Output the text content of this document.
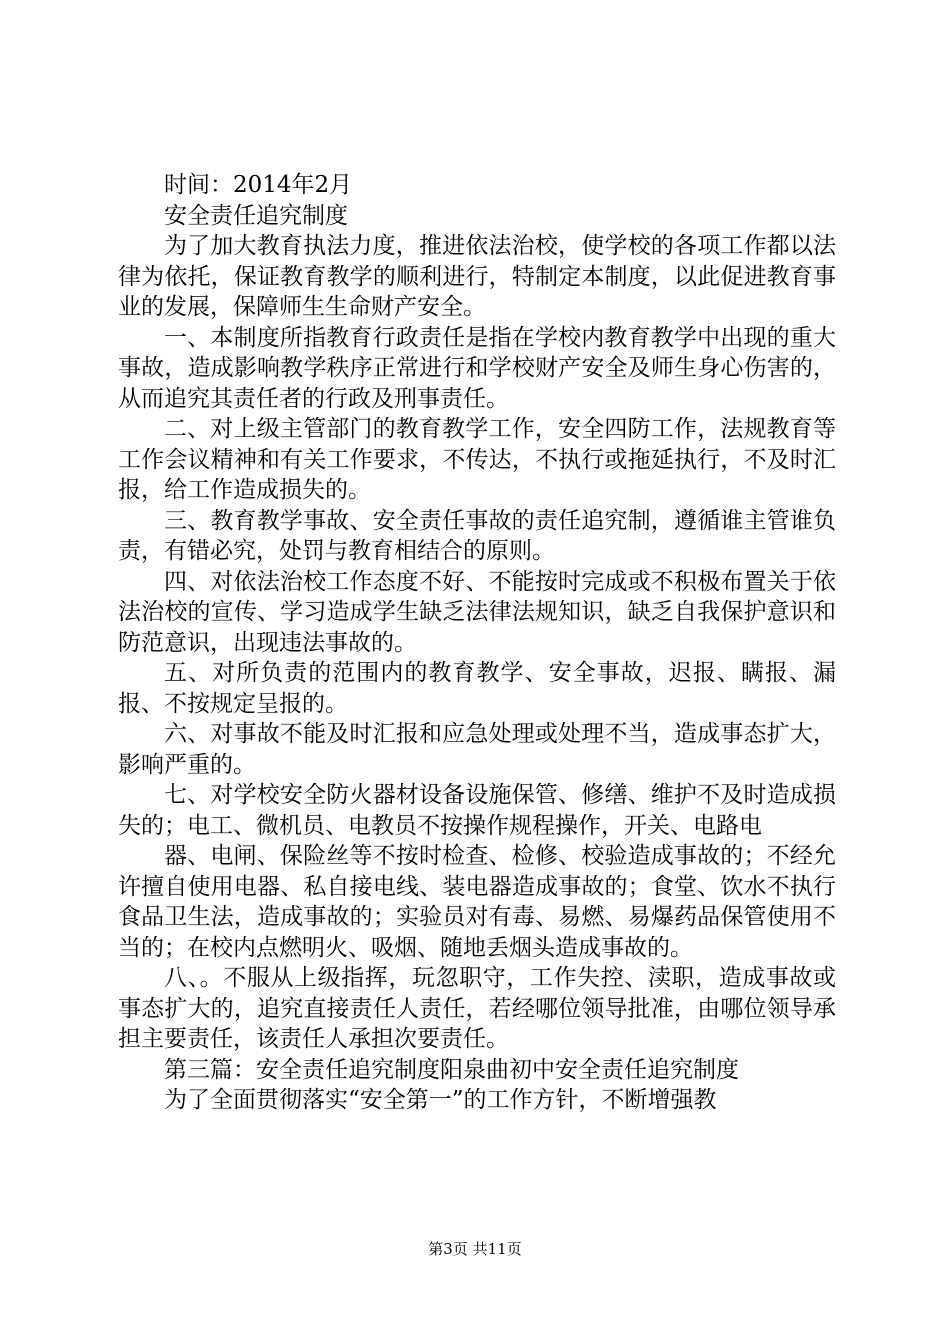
时间：2014年2月

安全责任追究制度

为了加大教育执法力度，推进依法治校，使学校的各项工作都以法律为依托，保证教育教学的顺利进行，特制定本制度，以此促进教育事业的发展，保障师生生命财产安全。

一、本制度所指教育行政责任是指在学校内教育教学中出现的重大事故，造成影响教学秩序正常进行和学校财产安全及师生身心伤害的，从而追究其责任者的行政及刑事责任。

二、对上级主管部门的教育教学工作，安全四防工作，法规教育等工作会议精神和有关工作要求，不传达，不执行或拖延执行，不及时汇报，给工作造成损失的。

三、教育教学事故、安全责任事故的责任追究制，遵循谁主管谁负责，有错必究，处罚与教育相结合的原则。

四、对依法治校工作态度不好、不能按时完成或不积极布置关于依法治校的宣传、学习造成学生缺乏法律法规知识，缺乏自我保护意识和防范意识，出现违法事故的。

五、对所负责的范围内的教育教学、安全事故，迟报、瞒报、漏报、不按规定呈报的。

六、对事故不能及时汇报和应急处理或处理不当，造成事态扩大，影响严重的。

七、对学校安全防火器材设备设施保管、修缮、维护不及时造成损失的；电工、微机员、电教员不按操作规程操作，开关、电路电

器、电闸、保险丝等不按时检查、检修、校验造成事故的；不经允许擅自使用电器、私自接电线、装电器造成事故的；食堂、饮水不执行食品卫生法，造成事故的；实验员对有毒、易燃、易爆药品保管使用不当的；在校内点燃明火、吸烟、随地丢烟头造成事故的。

八、。不服从上级指挥，玩忽职守，工作失控、渎职，造成事故或事态扩大的，追究直接责任人责任，若经哪位领导批准，由哪位领导承担主要责任，该责任人承担次要责任。

第三篇：安全责任追究制度阳泉曲初中安全责任追究制度

为了全面贯彻落实“安全第一”的工作方针，不断增强教

第3页 共11页
